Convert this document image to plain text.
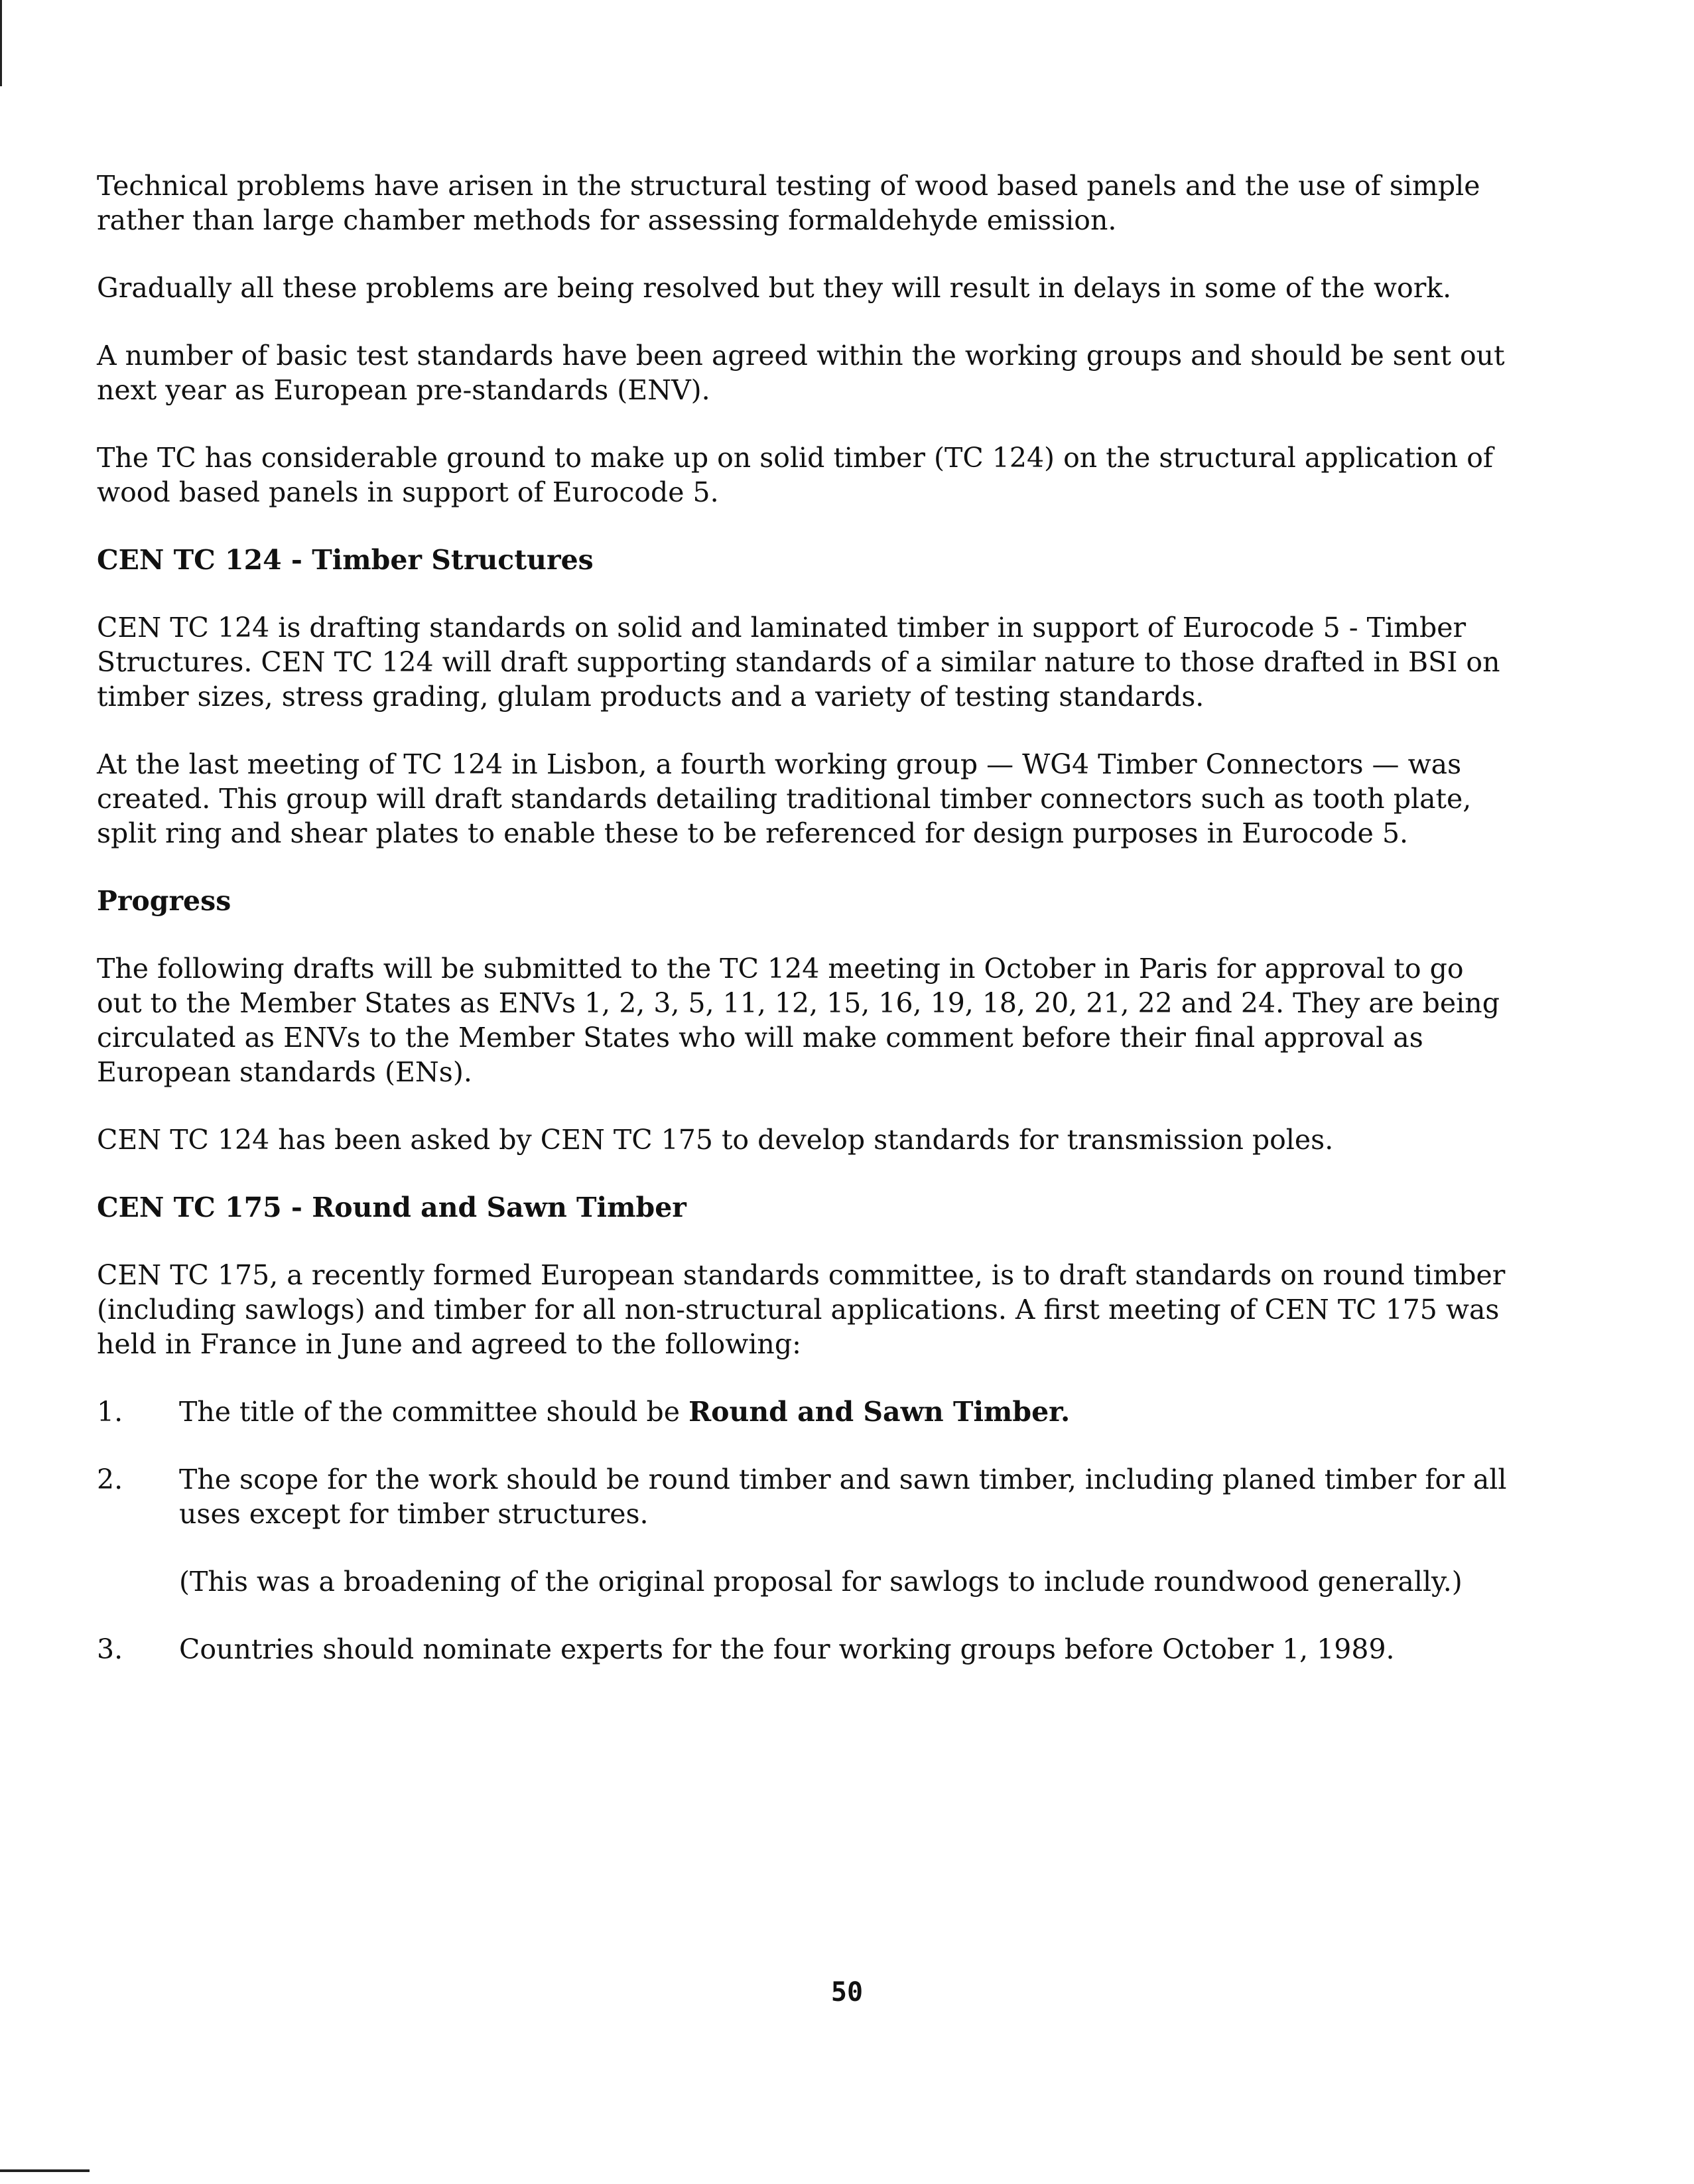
Technical problems have arisen in the structural testing of wood based panels and the use of simple rather than large chamber methods for assessing formaldehyde emission.

Gradually all these problems are being resolved but they will result in delays in some of the work.

A number of basic test standards have been agreed within the working groups and should be sent out next year as European pre-standards (ENV).

The TC has considerable ground to make up on solid timber (TC 124) on the structural application of wood based panels in support of Eurocode 5.

CEN TC 124 - Timber Structures

CEN TC 124 is drafting standards on solid and laminated timber in support of Eurocode 5 - Timber Structures. CEN TC 124 will draft supporting standards of a similar nature to those drafted in BSI on timber sizes, stress grading, glulam products and a variety of testing standards.

At the last meeting of TC 124 in Lisbon, a fourth working group — WG4 Timber Connectors — was created. This group will draft standards detailing traditional timber connectors such as tooth plate, split ring and shear plates to enable these to be referenced for design purposes in Eurocode 5.

Progress

The following drafts will be submitted to the TC 124 meeting in October in Paris for approval to go out to the Member States as ENVs 1, 2, 3, 5, 11, 12, 15, 16, 19, 18, 20, 21, 22 and 24. They are being circulated as ENVs to the Member States who will make comment before their final approval as European standards (ENs).

CEN TC 124 has been asked by CEN TC 175 to develop standards for transmission poles.

CEN TC 175 - Round and Sawn Timber

CEN TC 175, a recently formed European standards committee, is to draft standards on round timber (including sawlogs) and timber for all non-structural applications. A first meeting of CEN TC 175 was held in France in June and agreed to the following:

1.	The title of the committee should be Round and Sawn Timber.

2.	The scope for the work should be round timber and sawn timber, including planed timber for all uses except for timber structures.

(This was a broadening of the original proposal for sawlogs to include roundwood generally.)

3.	Countries should nominate experts for the four working groups before October 1, 1989.

50
